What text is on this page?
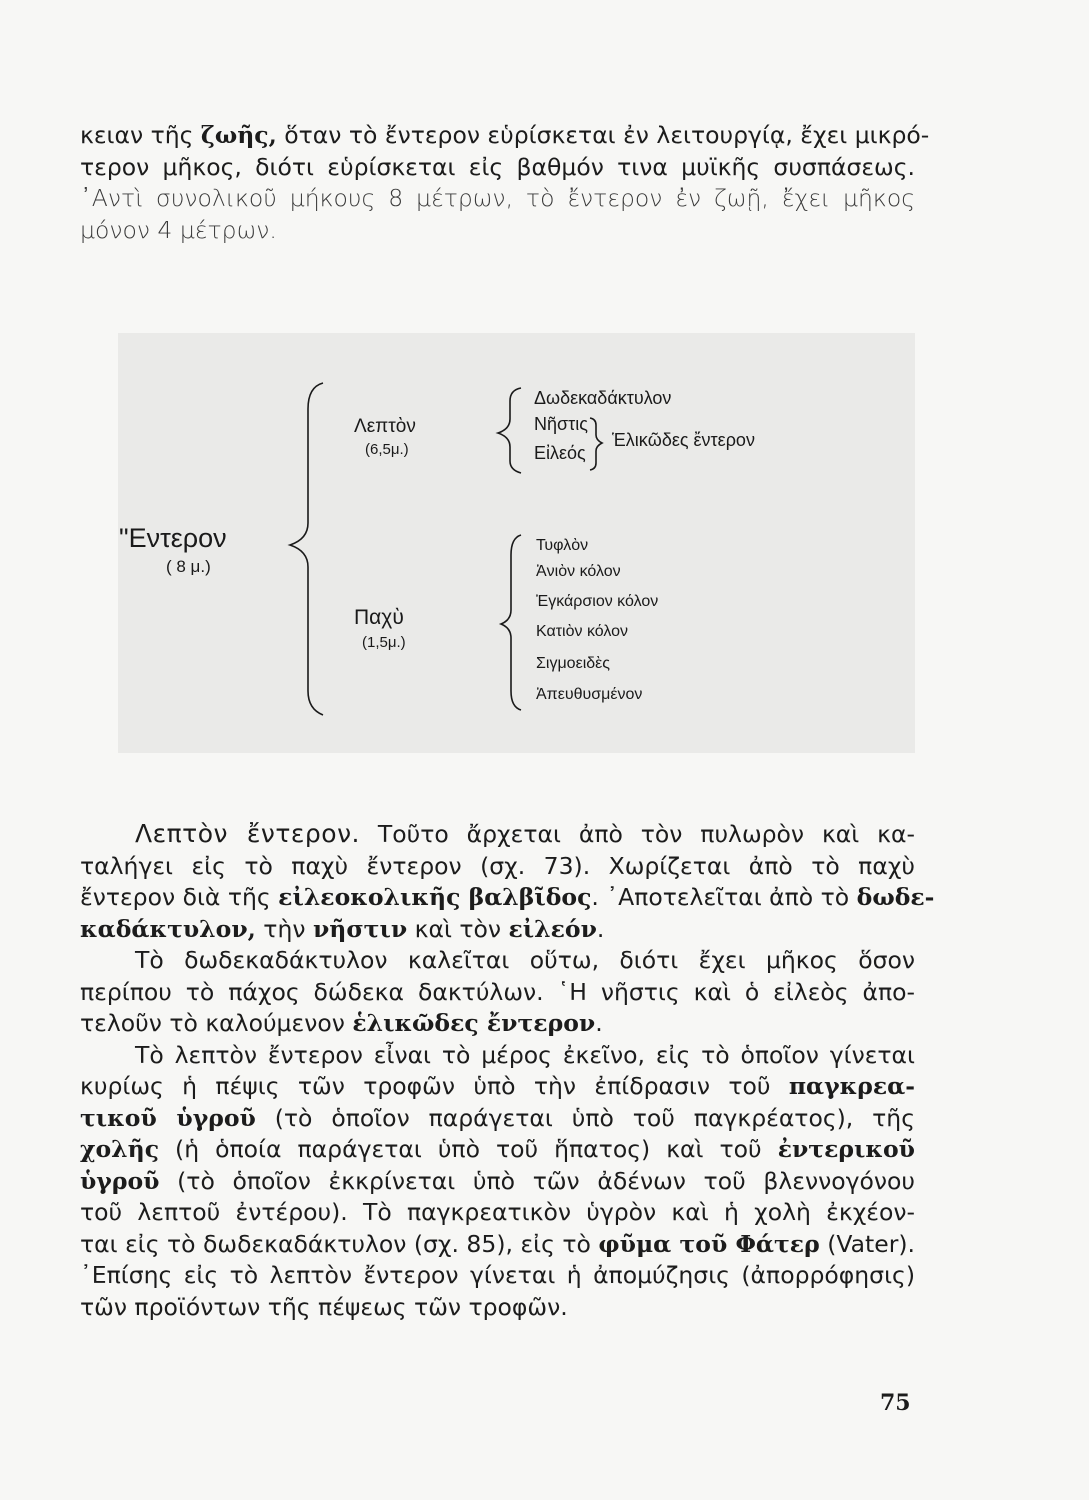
κειαν τῆς ζωῆς, ὅταν τὸ ἔντερον εὑρίσκεται ἐν λειτουργίᾳ, ἔχει μικρό-
τερον μῆκος, διότι εὑρίσκεται εἰς βαθμόν τινα μυϊκῆς συσπάσεως.
᾿Αντὶ συνολικοῦ μήκους 8 μέτρων, τὸ ἔντερον ἐν ζωῇ, ἔχει μῆκος
μόνον 4 μέτρων.
"Εντερον
( 8 μ.)
Λεπτὸν
(6,5μ.)
Παχὺ
(1,5μ.)
Δωδεκαδάκτυλον
Νῆστις
Εἰλεός
Ἑλικῶδες ἔντερον
Τυφλὸν
Ἀνιὸν κόλον
Ἐγκάρσιον κόλον
Κατιὸν κόλον
Σιγμοειδὲς
Ἀπευθυσμένον
Λεπτὸν ἔντερον. Τοῦτο ἄρχεται ἀπὸ τὸν πυλωρὸν καὶ κα-
ταλήγει εἰς τὸ παχὺ ἔντερον (σχ. 73). Χωρίζεται ἀπὸ τὸ παχὺ
ἔντερον διὰ τῆς εἰλεοκολικῆς βαλβῖδος. ᾿Αποτελεῖται ἀπὸ τὸ δωδε-
καδάκτυλον, τὴν νῆστιν καὶ τὸν εἰλεόν.
Τὸ δωδεκαδάκτυλον καλεῖται οὕτω, διότι ἔχει μῆκος ὅσον
περίπου τὸ πάχος δώδεκα δακτύλων. ῾Η νῆστις καὶ ὁ εἰλεὸς ἀπο-
τελοῦν τὸ καλούμενον ἑλικῶδες ἔντερον.
Τὸ λεπτὸν ἔντερον εἶναι τὸ μέρος ἐκεῖνο, εἰς τὸ ὁποῖον γίνεται
κυρίως ἡ πέψις τῶν τροφῶν ὑπὸ τὴν ἐπίδρασιν τοῦ παγκρεα-
τικοῦ ὑγροῦ (τὸ ὁποῖον παράγεται ὑπὸ τοῦ παγκρέατος), τῆς
χολῆς (ἡ ὁποία παράγεται ὑπὸ τοῦ ἥπατος) καὶ τοῦ ἐντερικοῦ
ὑγροῦ (τὸ ὁποῖον ἐκκρίνεται ὑπὸ τῶν ἀδένων τοῦ βλεννογόνου
τοῦ λεπτοῦ ἐντέρου). Τὸ παγκρεατικὸν ὑγρὸν καὶ ἡ χολὴ ἐκχέον-
ται εἰς τὸ δωδεκαδάκτυλον (σχ. 85), εἰς τὸ φῦμα τοῦ Φάτερ (Vater).
᾿Επίσης εἰς τὸ λεπτὸν ἔντερον γίνεται ἡ ἀπομύζησις (ἀπορρόφησις)
τῶν προϊόντων τῆς πέψεως τῶν τροφῶν.
75
